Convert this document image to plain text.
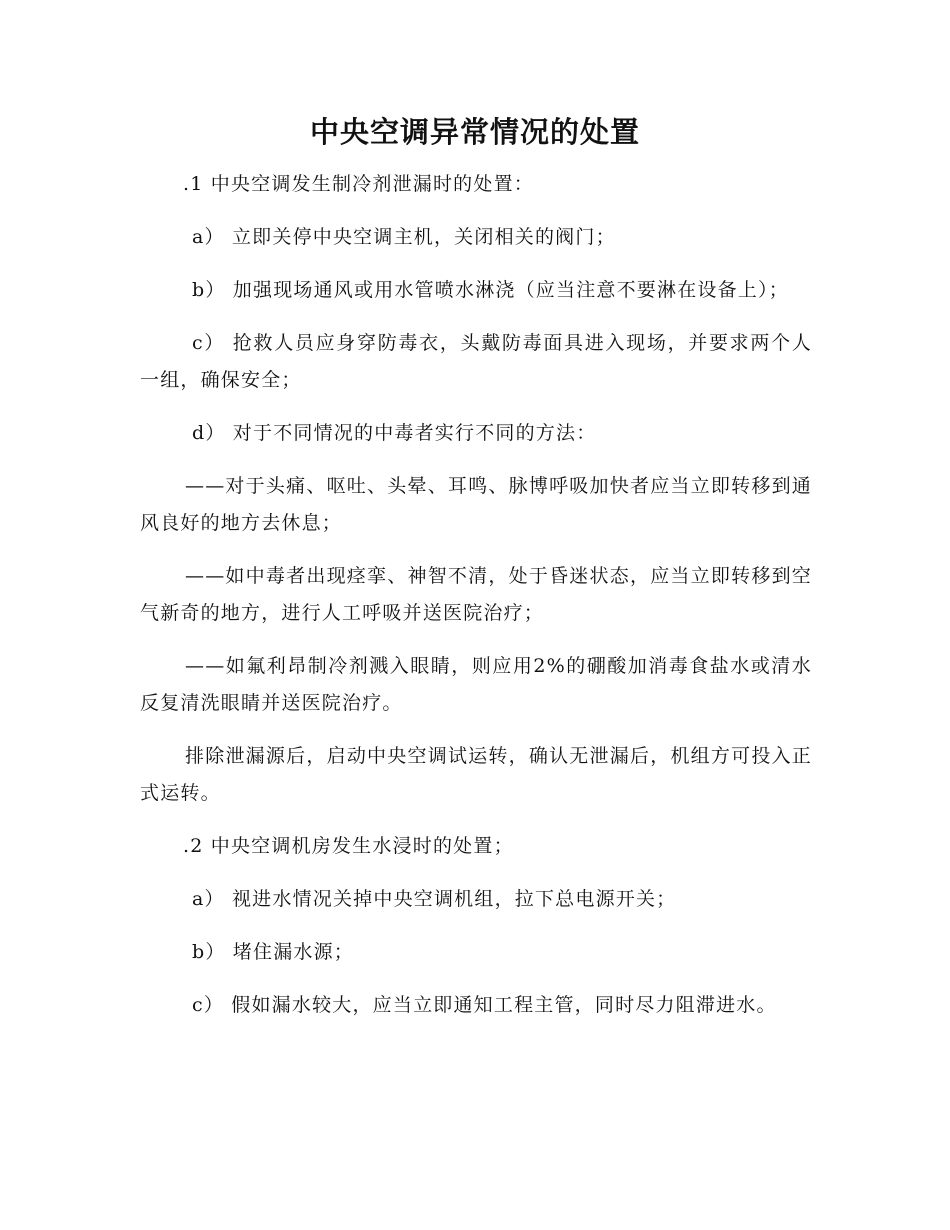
中央空调异常情况的处置

.1 中央空调发生制冷剂泄漏时的处置：

a） 立即关停中央空调主机，关闭相关的阀门；

b） 加强现场通风或用水管喷水淋浇（应当注意不要淋在设备上）；

c） 抢救人员应身穿防毒衣，头戴防毒面具进入现场，并要求两个人一组，确保安全；

d） 对于不同情况的中毒者实行不同的方法：

——对于头痛、呕吐、头晕、耳鸣、脉博呼吸加快者应当立即转移到通风良好的地方去休息；

——如中毒者出现痉挛、神智不清，处于昏迷状态，应当立即转移到空气新奇的地方，进行人工呼吸并送医院治疗；

——如氟利昂制冷剂溅入眼睛，则应用2%的硼酸加消毒食盐水或清水反复清洗眼睛并送医院治疗。

排除泄漏源后，启动中央空调试运转，确认无泄漏后，机组方可投入正式运转。

.2 中央空调机房发生水浸时的处置；

a） 视进水情况关掉中央空调机组，拉下总电源开关；

b） 堵住漏水源；

c） 假如漏水较大，应当立即通知工程主管，同时尽力阻滞进水。
